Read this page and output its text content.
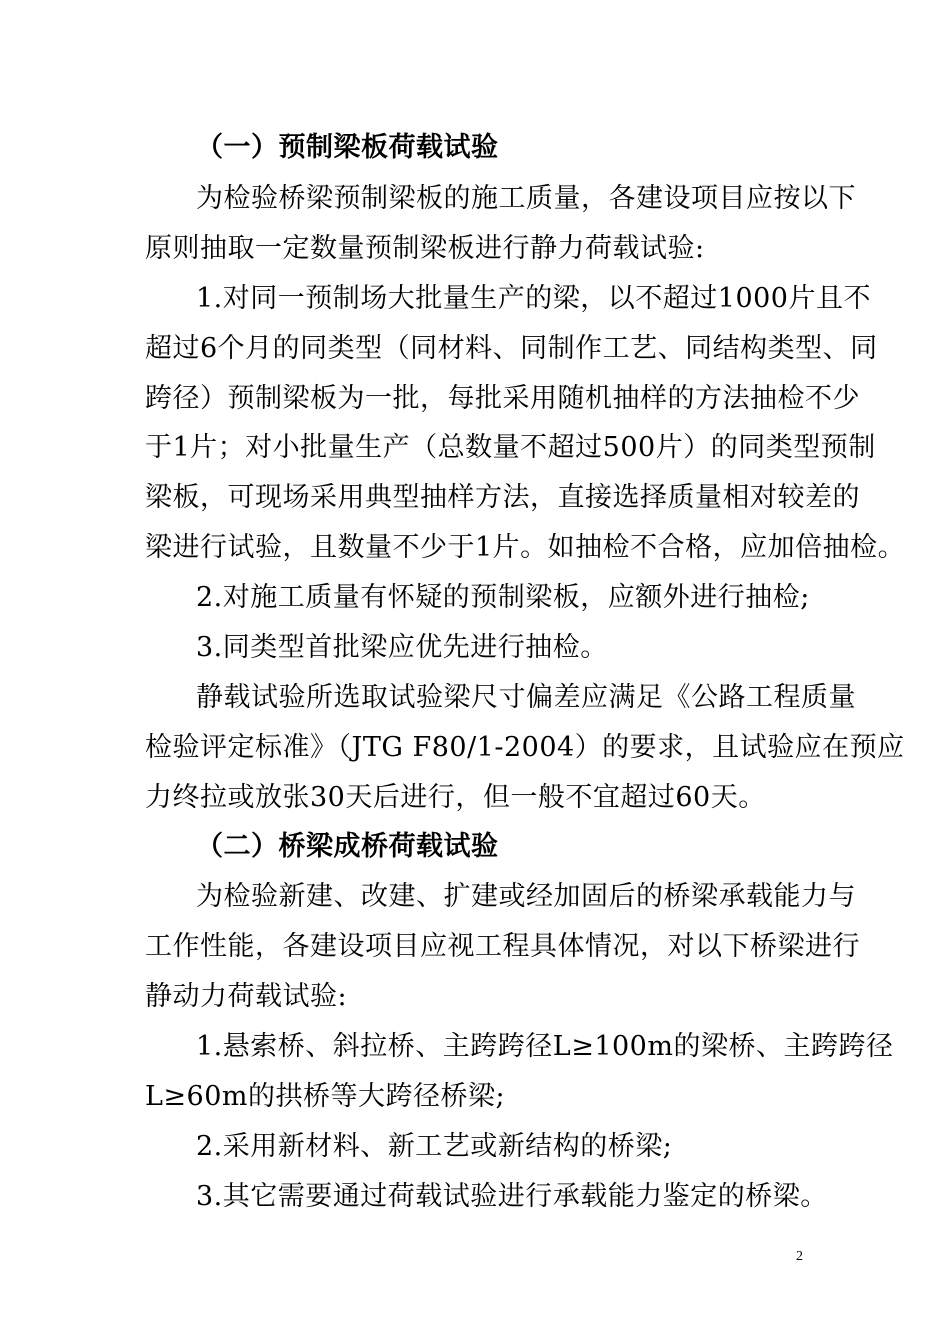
（一）预制梁板荷载试验
为检验桥梁预制梁板的施工质量，各建设项目应按以下
原则抽取一定数量预制梁板进行静力荷载试验:
1.对同一预制场大批量生产的梁，以不超过1000片且不
超过6个月的同类型（同材料、同制作工艺、同结构类型、同
跨径）预制梁板为一批，每批采用随机抽样的方法抽检不少
于1片；对小批量生产（总数量不超过500片）的同类型预制
梁板，可现场采用典型抽样方法，直接选择质量相对较差的
梁进行试验，且数量不少于1片。如抽检不合格，应加倍抽检。
2.对施工质量有怀疑的预制梁板，应额外进行抽检;
3.同类型首批梁应优先进行抽检。
静载试验所选取试验梁尺寸偏差应满足《公路工程质量
检验评定标准》（JTG F80/1-2004）的要求，且试验应在预应
力终拉或放张30天后进行，但一般不宜超过60天。
（二）桥梁成桥荷载试验
为检验新建、改建、扩建或经加固后的桥梁承载能力与
工作性能，各建设项目应视工程具体情况，对以下桥梁进行
静动力荷载试验:
1.悬索桥、斜拉桥、主跨跨径L≥100m的梁桥、主跨跨径
L≥60m的拱桥等大跨径桥梁;
2.采用新材料、新工艺或新结构的桥梁;
3.其它需要通过荷载试验进行承载能力鉴定的桥梁。
2
